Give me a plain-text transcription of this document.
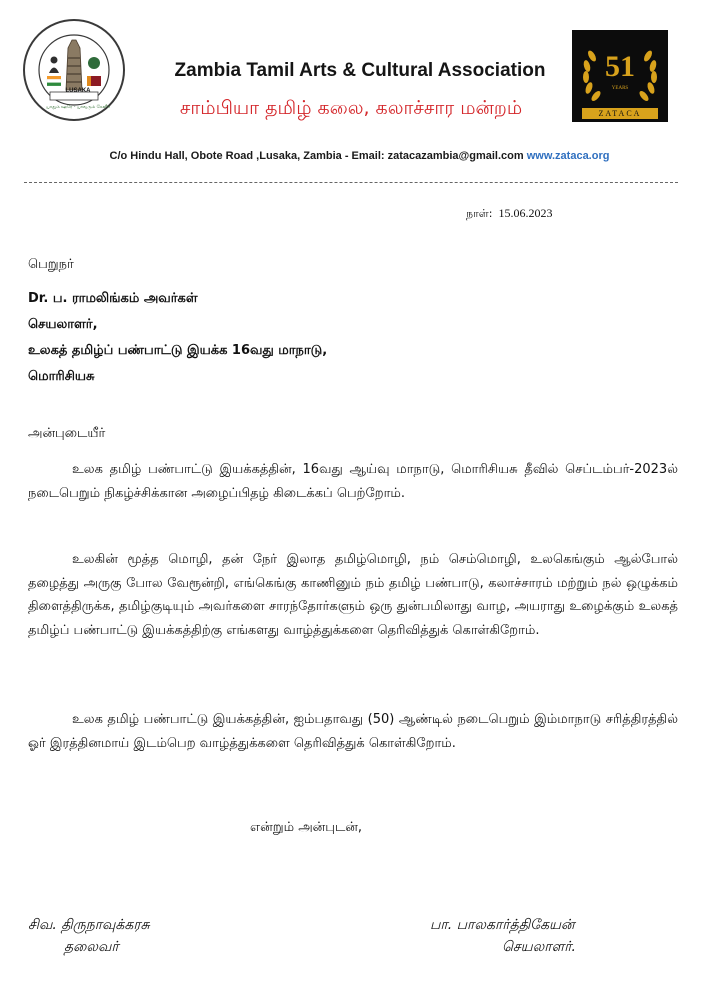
LUSAKA
யாதும் ஊரே - யாவரும் கேளிர்
51
YEARS
ZATACA
Zambia Tamil Arts & Cultural Association
சாம்பியா தமிழ் கலை, கலாச்சார மன்றம்
C/o Hindu Hall, Obote Road ,Lusaka, Zambia - Email: zataca​zambia@gmail.com www.zataca.org
நாள்: 15.06.2023
பெறுநர்
Dr. ப. ராமலிங்கம் அவர்கள்
செயலாளர்,
உலகத் தமிழ்ப் பண்பாட்டு இயக்க 16வது மாநாடு,
மொரிசியசு
அன்புடையீர்
உலக தமிழ் பண்பாட்டு இயக்கத்தின், 16வது ஆய்வு மாநாடு, மொரிசியசு தீவில் செப்டம்பர்-2023ல் நடைபெறும் நிகழ்ச்சிக்கான அழைப்பிதழ் கிடைக்கப் பெற்றோம்.
உலகின் மூத்த மொழி, தன் நேர் இலாத தமிழ்மொழி, நம் செம்மொழி, உலகெங்கும் ஆல்போல் தழைத்து அருகு போல வேரூன்றி, எங்கெங்கு காணினும் நம் தமிழ் பண்பாடு, கலாச்சாரம் மற்றும் நல் ஒழுக்கம் திளைத்திருக்க, தமிழ்குடியும் அவர்களை சாரந்தோர்களும் ஒரு துன்பமிலாது வாழ, அயராது உழைக்கும் உலகத் தமிழ்ப் பண்பாட்டு இயக்கத்திற்கு எங்களது வாழ்த்துக்களை தெரிவித்துக் கொள்கிறோம்.
உலக தமிழ் பண்பாட்டு இயக்கத்தின், ஐம்பதாவது (50) ஆண்டில் நடைபெறும் இம்மாநாடு சரித்திரத்தில் ஓர் இரத்தினமாய் இடம்பெற வாழ்த்துக்களை தெரிவித்துக் கொள்கிறோம்.
என்றும் அன்புடன்,
சிவ. திருநாவுக்கரசு
தலைவர்
பா. பாலகார்த்திகேயன்
செயலாளர்.
